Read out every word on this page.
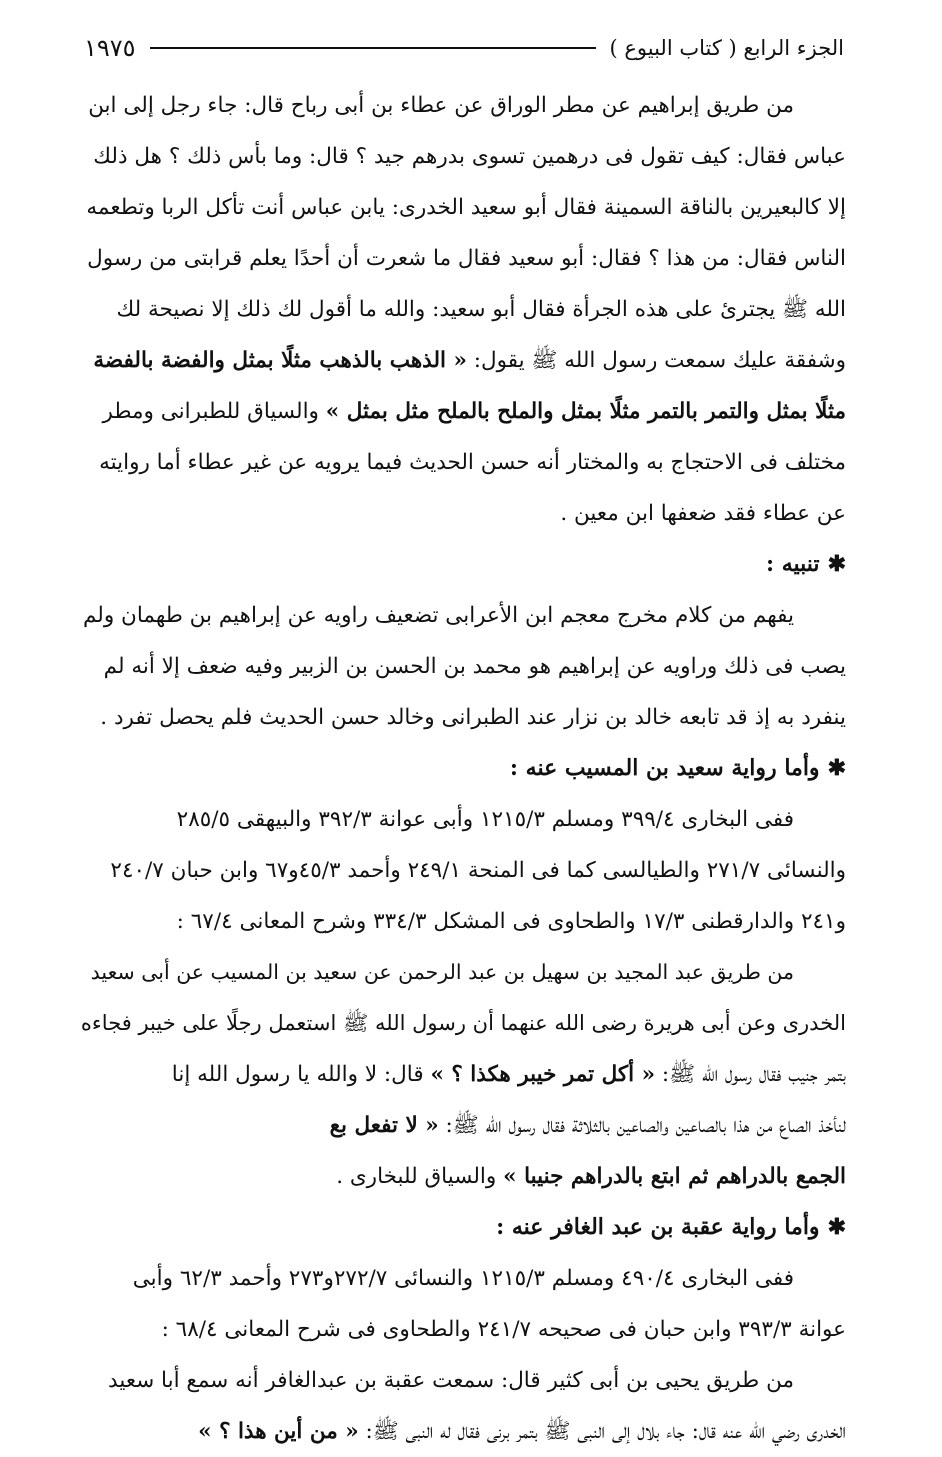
الجزء الرابع ( كتاب البيوع )
١٩٧٥
من طريق إبراهيم عن مطر الوراق عن عطاء بن أبى رباح قال: جاء رجل إلى ابن
عباس فقال: كيف تقول فى درهمين تسوى بدرهم جيد ؟ قال: وما بأس ذلك ؟ هل ذلك
إلا كالبعيرين بالناقة السمينة فقال أبو سعيد الخدرى: يابن عباس أنت تأكل الربا وتطعمه
الناس فقال: من هذا ؟ فقال: أبو سعيد فقال ما شعرت أن أحدًا يعلم قرابتى من رسول
الله ﷺ يجترئ على هذه الجرأة فقال أبو سعيد: والله ما أقول لك ذلك إلا نصيحة لك
وشفقة عليك سمعت رسول الله ﷺ يقول: « الذهب بالذهب مثلًا بمثل والفضة بالفضة
مثلًا بمثل والتمر بالتمر مثلًا بمثل والملح بالملح مثل بمثل » والسياق للطبرانى ومطر
مختلف فى الاحتجاج به والمختار أنه حسن الحديث فيما يرويه عن غير عطاء أما روايته
عن عطاء فقد ضعفها ابن معين .
✱تنبيه :
يفهم من كلام مخرج معجم ابن الأعرابى تضعيف راويه عن إبراهيم بن طهمان ولم
يصب فى ذلك وراويه عن إبراهيم هو محمد بن الحسن بن الزبير وفيه ضعف إلا أنه لم
ينفرد به إذ قد تابعه خالد بن نزار عند الطبرانى وخالد حسن الحديث فلم يحصل تفرد .
✱وأما رواية سعيد بن المسيب عنه :
ففى البخارى ٣٩٩/٤ ومسلم ١٢١٥/٣ وأبى عوانة ٣٩٢/٣ والبيهقى ٢٨٥/٥
والنسائى ٢٧١/٧ والطيالسى كما فى المنحة ٢٤٩/١ وأحمد ٤٥/٣و٦٧ وابن حبان ٢٤٠/٧
و٢٤١ والدارقطنى ١٧/٣ والطحاوى فى المشكل ٣٣٤/٣ وشرح المعانى ٦٧/٤ :
من طريق عبد المجيد بن سهيل بن عبد الرحمن عن سعيد بن المسيب عن أبى سعيد
الخدرى وعن أبى هريرة رضى الله عنهما أن رسول الله ﷺ استعمل رجلًا على خيبر فجاءه
بتمر جنيب فقال رسول الله ﷺ: « أكل تمر خيبر هكذا ؟ » قال: لا والله يا رسول الله إنا
لنأخذ الصاع من هذا بالصاعين والصاعين بالثلاثة فقال رسول الله ﷺ: « لا تفعل بع
الجمع بالدراهم ثم ابتع بالدراهم جنيبا » والسياق للبخارى .
✱وأما رواية عقبة بن عبد الغافر عنه :
ففى البخارى ٤٩٠/٤ ومسلم ١٢١٥/٣ والنسائى ٢٧٢/٧و٢٧٣ وأحمد ٦٢/٣ وأبى
عوانة ٣٩٣/٣ وابن حبان فى صحيحه ٢٤١/٧ والطحاوى فى شرح المعانى ٦٨/٤ :
من طريق يحيى بن أبى كثير قال: سمعت عقبة بن عبدالغافر أنه سمع أبا سعيد
الخدرى رضي الله عنه قال: جاء بلال إلى النبى ﷺ بتمر برنى فقال له النبى ﷺ: « من أين هذا ؟ »
